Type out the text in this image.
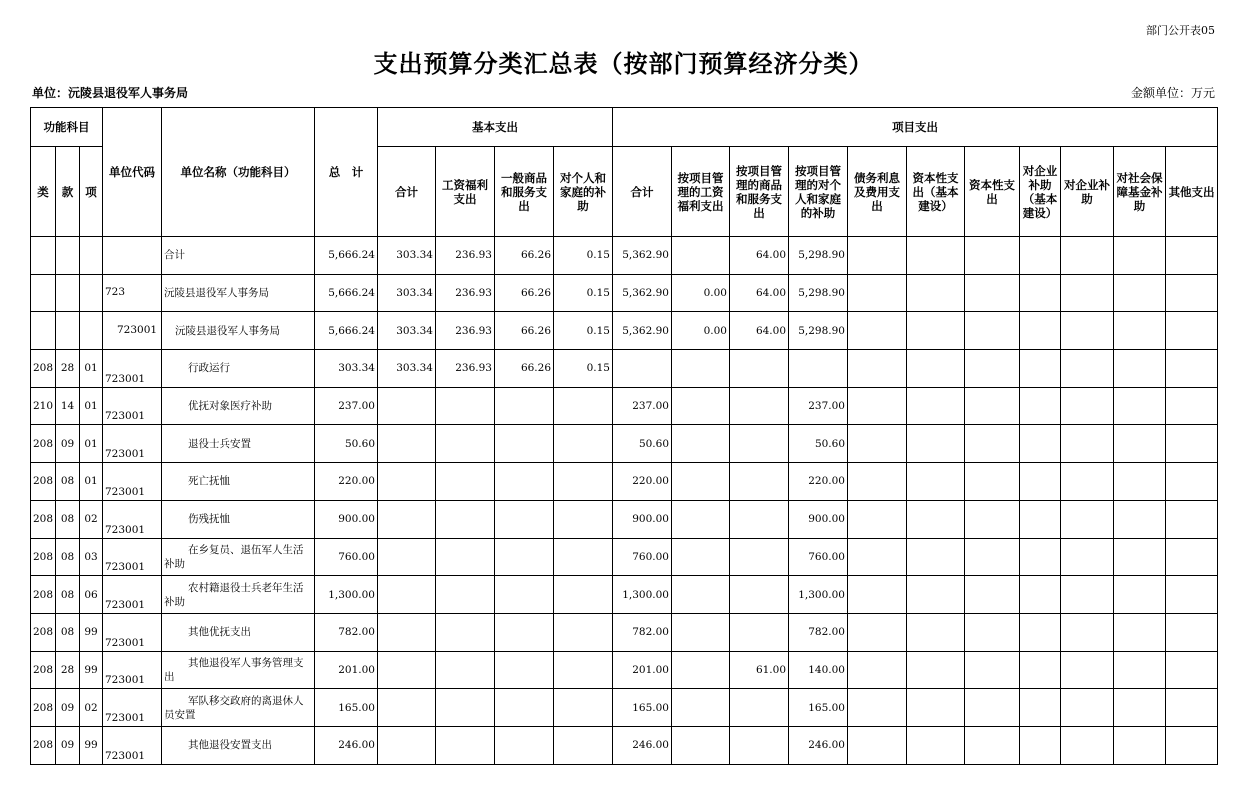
部门公开表05
支出预算分类汇总表（按部门预算经济分类）
单位：沅陵县退役军人事务局	金额单位：万元
功能科目			单位代码	单位名称（功能科目）	总　计	基本支出				项目支出										
类	款	项				合计	工资福利支出	一般商品和服务支出	对个人和家庭的补助	合计	按项目管理的工资福利支出	按项目管理的商品和服务支出	按项目管理的对个人和家庭的补助	债务利息及费用支出	资本性支出（基本建设）	资本性支出	对企业补助（基本建设）	对企业补助	对社会保障基金补助	其他支出
				合计	5,666.24	303.34	236.93	66.26	0.15	5,362.90		64.00	5,298.90							
			723	沅陵县退役军人事务局	5,666.24	303.34	236.93	66.26	0.15	5,362.90	0.00	64.00	5,298.90							
			723001	沅陵县退役军人事务局	5,666.24	303.34	236.93	66.26	0.15	5,362.90	0.00	64.00	5,298.90							
208	28	01	723001	行政运行	303.34	303.34	236.93	66.26	0.15											
210	14	01	723001	优抚对象医疗补助	237.00					237.00			237.00							
208	09	01	723001	退役士兵安置	50.60					50.60			50.60							
208	08	01	723001	死亡抚恤	220.00					220.00			220.00							
208	08	02	723001	伤残抚恤	900.00					900.00			900.00							
208	08	03	723001	在乡复员、退伍军人生活补助	760.00					760.00			760.00							
208	08	06	723001	农村籍退役士兵老年生活补助	1,300.00					1,300.00			1,300.00							
208	08	99	723001	其他优抚支出	782.00					782.00			782.00							
208	28	99	723001	其他退役军人事务管理支出	201.00					201.00		61.00	140.00							
208	09	02	723001	军队移交政府的离退休人员安置	165.00					165.00			165.00							
208	09	99	723001	其他退役安置支出	246.00					246.00			246.00							
